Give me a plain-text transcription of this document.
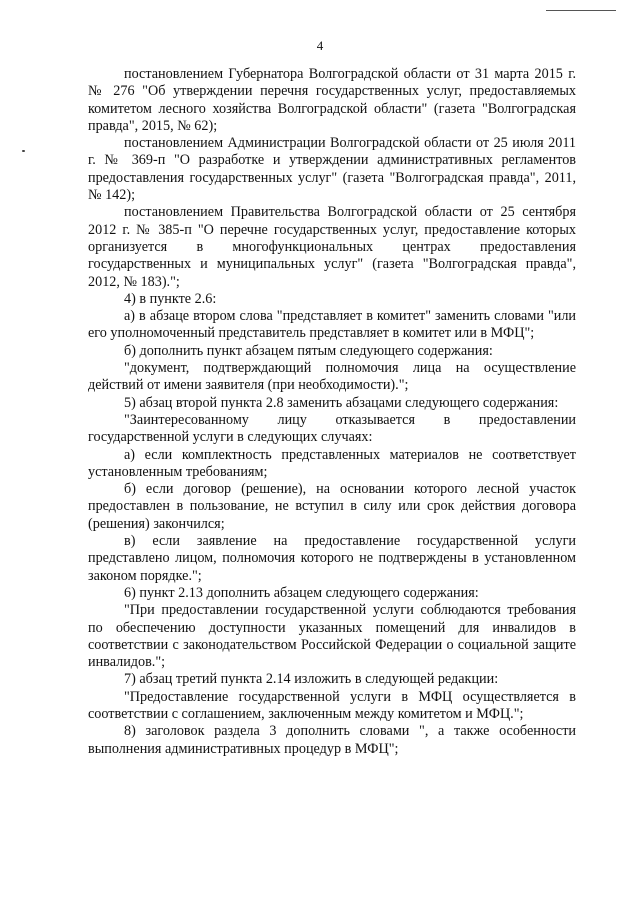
4

постановлением Губернатора Волгоградской области от 31 марта 2015 г. № 276 "Об утверждении перечня государственных услуг, предоставляемых комитетом лесного хозяйства Волгоградской области" (газета "Волгоградская правда", 2015, № 62);

постановлением Администрации Волгоградской области от 25 июля 2011 г. № 369-п "О разработке и утверждении административных регламентов предоставления государственных услуг" (газета "Волгоградская правда", 2011, № 142);

постановлением Правительства Волгоградской области от 25 сентября 2012 г. № 385-п "О перечне государственных услуг, предоставление которых организуется в многофункциональных центрах предоставления государственных и муниципальных услуг" (газета "Волгоградская правда", 2012, № 183).";

4) в пункте 2.6:

а) в абзаце втором слова "представляет в комитет" заменить словами "или его уполномоченный представитель представляет в комитет или в МФЦ";

б) дополнить пункт абзацем пятым следующего содержания:

"документ, подтверждающий полномочия лица на осуществление действий от имени заявителя (при необходимости).";

5) абзац второй пункта 2.8 заменить абзацами следующего содержания:

"Заинтересованному лицу отказывается в предоставлении государственной услуги в следующих случаях:

а) если комплектность представленных материалов не соответствует установленным требованиям;

б) если договор (решение), на основании которого лесной участок предоставлен в пользование, не вступил в силу или срок действия договора (решения) закончился;

в) если заявление на предоставление государственной услуги представлено лицом, полномочия которого не подтверждены в установленном законом порядке.";

6) пункт 2.13 дополнить абзацем следующего содержания:

"При предоставлении государственной услуги соблюдаются требования по обеспечению доступности указанных помещений для инвалидов в соответствии с законодательством Российской Федерации о социальной защите инвалидов.";

7) абзац третий пункта 2.14 изложить в следующей редакции:

"Предоставление государственной услуги в МФЦ осуществляется в соответствии с соглашением, заключенным между комитетом и МФЦ.";

8) заголовок раздела 3 дополнить словами ", а также особенности выполнения административных процедур в МФЦ";
